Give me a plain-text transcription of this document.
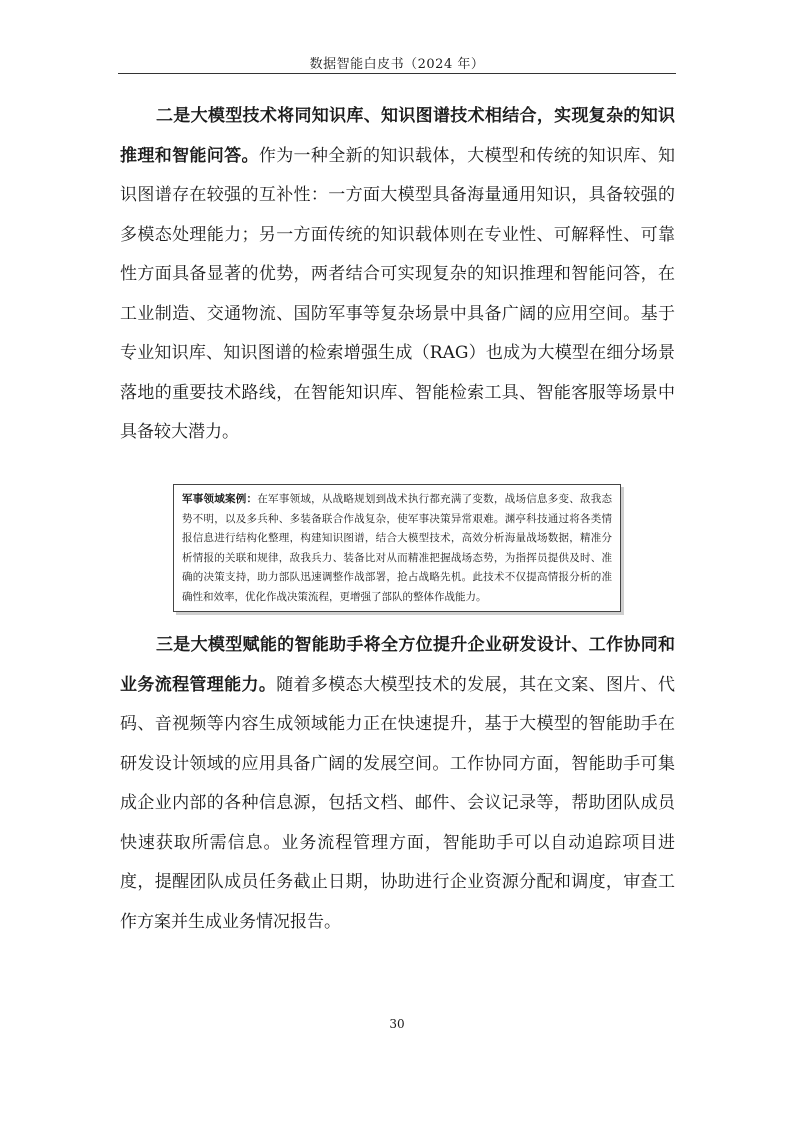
数据智能白皮书（2024 年）
二是大模型技术将同知识库、知识图谱技术相结合，实现复杂的知识推理和智能问答。作为一种全新的知识载体，大模型和传统的知识库、知识图谱存在较强的互补性：一方面大模型具备海量通用知识，具备较强的多模态处理能力；另一方面传统的知识载体则在专业性、可解释性、可靠性方面具备显著的优势，两者结合可实现复杂的知识推理和智能问答，在工业制造、交通物流、国防军事等复杂场景中具备广阔的应用空间。基于专业知识库、知识图谱的检索增强生成（RAG）也成为大模型在细分场景落地的重要技术路线，在智能知识库、智能检索工具、智能客服等场景中具备较大潜力。
军事领域案例：在军事领域，从战略规划到战术执行都充满了变数，战场信息多变、敌我态势不明，以及多兵种、多装备联合作战复杂，使军事决策异常艰难。渊亭科技通过将各类情报信息进行结构化整理，构建知识图谱，结合大模型技术，高效分析海量战场数据，精准分析情报的关联和规律，敌我兵力、装备比对从而精准把握战场态势，为指挥员提供及时、准确的决策支持，助力部队迅速调整作战部署，抢占战略先机。此技术不仅提高情报分析的准确性和效率，优化作战决策流程，更增强了部队的整体作战能力。
三是大模型赋能的智能助手将全方位提升企业研发设计、工作协同和业务流程管理能力。随着多模态大模型技术的发展，其在文案、图片、代码、音视频等内容生成领域能力正在快速提升，基于大模型的智能助手在研发设计领域的应用具备广阔的发展空间。工作协同方面，智能助手可集成企业内部的各种信息源，包括文档、邮件、会议记录等，帮助团队成员快速获取所需信息。业务流程管理方面，智能助手可以自动追踪项目进度，提醒团队成员任务截止日期，协助进行企业资源分配和调度，审查工作方案并生成业务情况报告。
30
